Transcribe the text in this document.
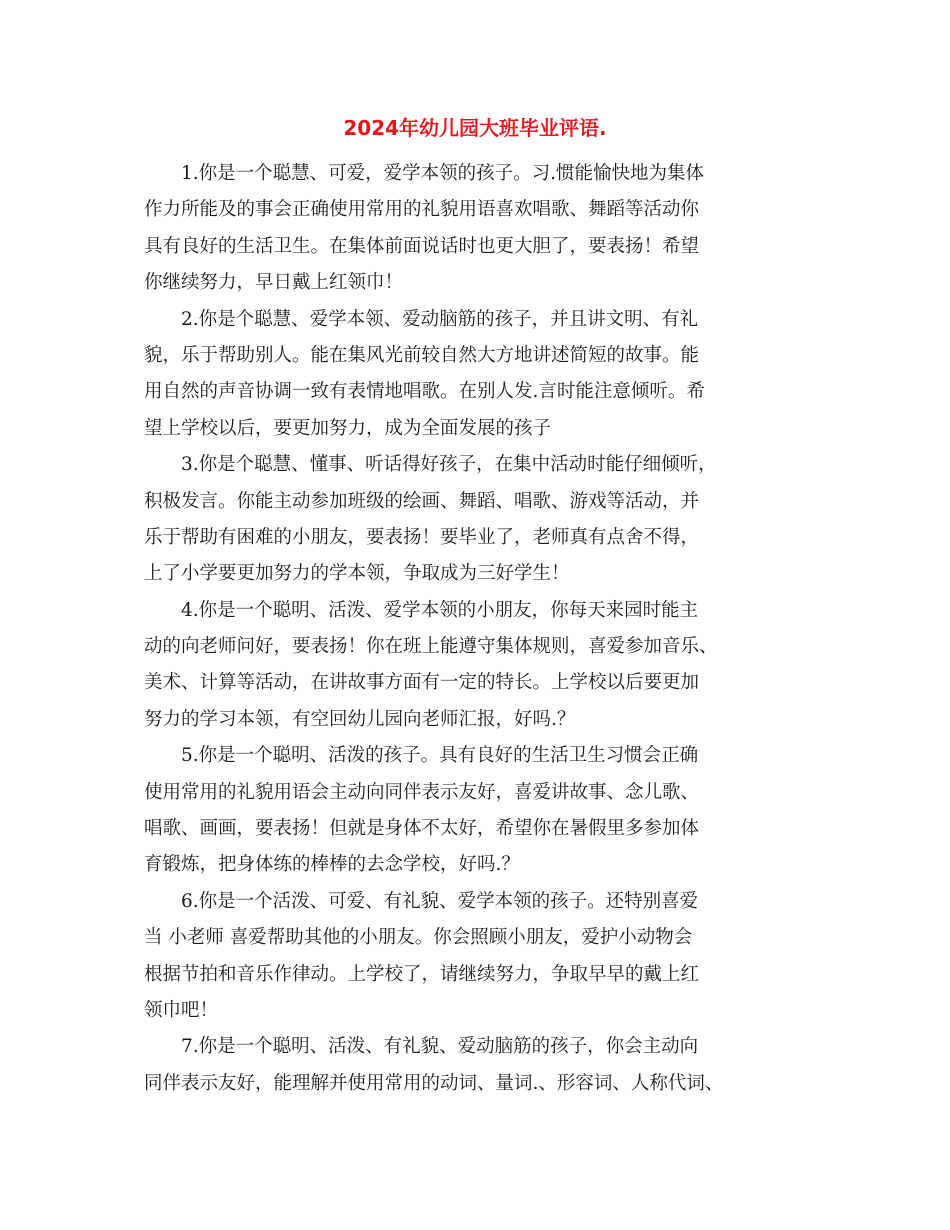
2024年幼儿园大班毕业评语.
1.你是一个聪慧、可爱，爱学本领的孩子。习.惯能愉快地为集体
作力所能及的事会正确使用常用的礼貌用语喜欢唱歌、舞蹈等活动你
具有良好的生活卫生。在集体前面说话时也更大胆了，要表扬！希望
你继续努力，早日戴上红领巾！
2.你是个聪慧、爱学本领、爱动脑筋的孩子，并且讲文明、有礼
貌，乐于帮助别人。能在集风光前较自然大方地讲述简短的故事。能
用自然的声音协调一致有表情地唱歌。在别人发.言时能注意倾听。希
望上学校以后，要更加努力，成为全面发展的孩子
3.你是个聪慧、懂事、听话得好孩子，在集中活动时能仔细倾听，
积极发言。你能主动参加班级的绘画、舞蹈、唱歌、游戏等活动，并
乐于帮助有困难的小朋友，要表扬！要毕业了，老师真有点舍不得，
上了小学要更加努力的学本领，争取成为三好学生！
4.你是一个聪明、活泼、爱学本领的小朋友，你每天来园时能主
动的向老师问好，要表扬！你在班上能遵守集体规则，喜爱参加音乐、
美术、计算等活动，在讲故事方面有一定的特长。上学校以后要更加
努力的学习本领，有空回幼儿园向老师汇报，好吗.？
5.你是一个聪明、活泼的孩子。具有良好的生活卫生习惯会正确
使用常用的礼貌用语会主动向同伴表示友好，喜爱讲故事、念儿歌、
唱歌、画画，要表扬！但就是身体不太好，希望你在暑假里多参加体
育锻炼，把身体练的棒棒的去念学校，好吗.？
6.你是一个活泼、可爱、有礼貌、爱学本领的孩子。还特别喜爱
当 小老师 喜爱帮助其他的小朋友。你会照顾小朋友，爱护小动物会
根据节拍和音乐作律动。上学校了，请继续努力，争取早早的戴上红
领巾吧！
7.你是一个聪明、活泼、有礼貌、爱动脑筋的孩子，你会主动向
同伴表示友好，能理解并使用常用的动词、量词.、形容词、人称代词、
